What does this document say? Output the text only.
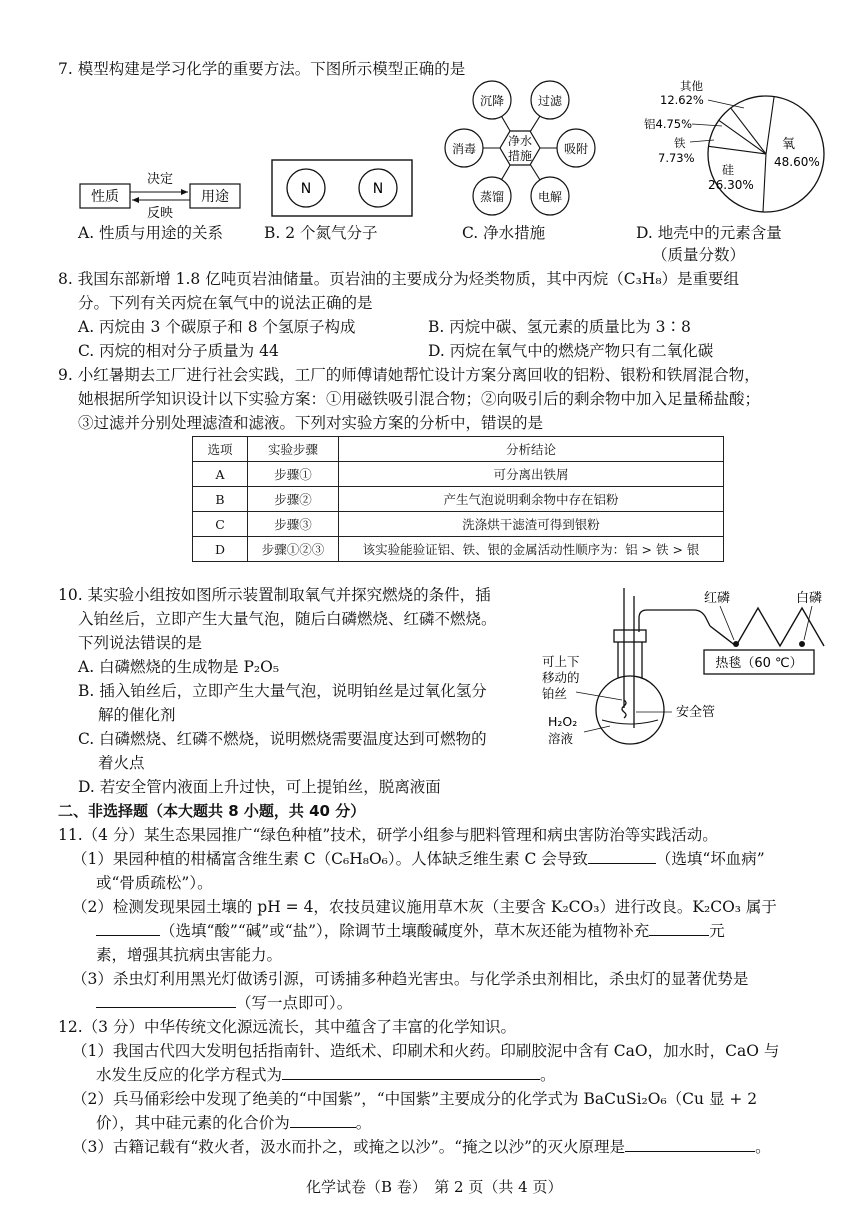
7. 模型构建是学习化学的重要方法。下图所示模型正确的是
性质	用途
决定
反映
N	N
净水
措施
沉降	过滤
吸附
电解
蒸馏
消毒
其他
12.62%
铝4.75%
铁
7.73%
硅
26.30%
氧
48.60%
A. 性质与用途的关系	B. 2 个氮气分子	C. 净水措施	D. 地壳中的元素含量
（质量分数）
8. 我国东部新增 1.8 亿吨页岩油储量。页岩油的主要成分为烃类物质，其中丙烷（C₃H₈）是重要组
分。下列有关丙烷在氧气中的说法正确的是
A. 丙烷由 3 个碳原子和 8 个氢原子构成	B. 丙烷中碳、氢元素的质量比为 3∶8
C. 丙烷的相对分子质量为 44	D. 丙烷在氧气中的燃烧产物只有二氧化碳
9. 小红暑期去工厂进行社会实践，工厂的师傅请她帮忙设计方案分离回收的铝粉、银粉和铁屑混合物，
她根据所学知识设计以下实验方案：①用磁铁吸引混合物；②向吸引后的剩余物中加入足量稀盐酸；
③过滤并分别处理滤渣和滤液。下列对实验方案的分析中，错误的是
选项	实验步骤	分析结论
A	步骤①	可分离出铁屑
B	步骤②	产生气泡说明剩余物中存在铝粉
C	步骤③	洗涤烘干滤渣可得到银粉
D	步骤①②③	该实验能验证铝、铁、银的金属活动性顺序为：铝 > 铁 > 银
10. 某实验小组按如图所示装置制取氧气并探究燃烧的条件，插
入铂丝后，立即产生大量气泡，随后白磷燃烧、红磷不燃烧。
下列说法错误的是
A. 白磷燃烧的生成物是 P₂O₅
B. 插入铂丝后，立即产生大量气泡，说明铂丝是过氧化氢分
解的催化剂
C. 白磷燃烧、红磷不燃烧，说明燃烧需要温度达到可燃物的
着火点
D. 若安全管内液面上升过快，可上提铂丝，脱离液面
热毯（60 ℃）
红磷	白磷
可上下
移动的
铂丝
安全管
H₂O₂
溶液
二、非选择题（本大题共 8 小题，共 40 分）
11.（4 分）某生态果园推广“绿色种植”技术，研学小组参与肥料管理和病虫害防治等实践活动。
（1）果园种植的柑橘富含维生素 C（C₆H₈O₆）。人体缺乏维生素 C 会导致	（选填“坏血病”
或“骨质疏松”）。
（2）检测发现果园土壤的 pH = 4，农技员建议施用草木灰（主要含 K₂CO₃）进行改良。K₂CO₃ 属于
（选填“酸”“碱”或“盐”），除调节土壤酸碱度外，草木灰还能为植物补充	元
素，增强其抗病虫害能力。
（3）杀虫灯利用黑光灯做诱引源，可诱捕多种趋光害虫。与化学杀虫剂相比，杀虫灯的显著优势是
（写一点即可）。
12.（3 分）中华传统文化源远流长，其中蕴含了丰富的化学知识。
（1）我国古代四大发明包括指南针、造纸术、印刷术和火药。印刷胶泥中含有 CaO，加水时，CaO 与
水发生反应的化学方程式为	。
（2）兵马俑彩绘中发现了绝美的“中国紫”，“中国紫”主要成分的化学式为 BaCuSi₂O₆（Cu 显 + 2
价），其中硅元素的化合价为	。
（3）古籍记载有“救火者，汲水而扑之，或掩之以沙”。“掩之以沙”的灭火原理是	。
化学试卷（B 卷）　第 2 页（共 4 页）
